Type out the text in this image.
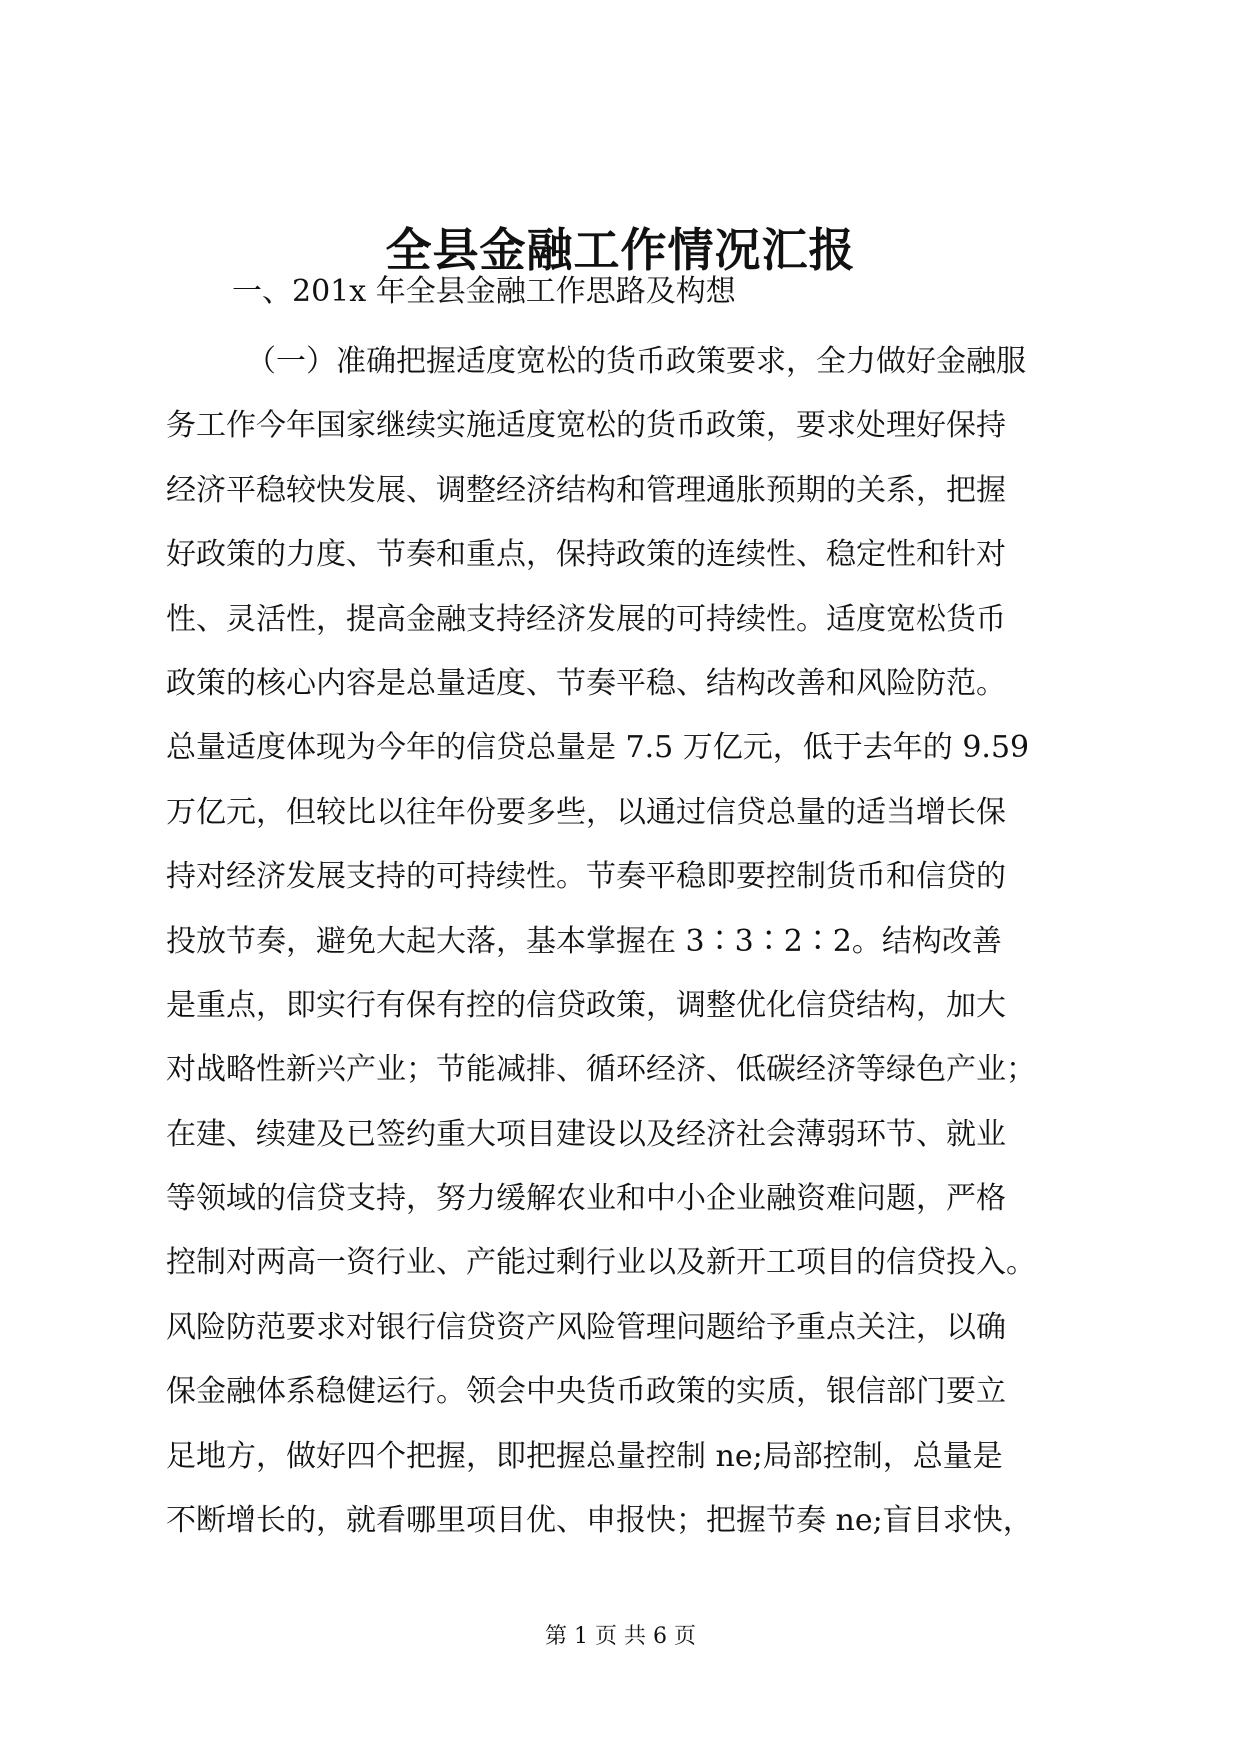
全县金融工作情况汇报

一、201x 年全县金融工作思路及构想

（一）准确把握适度宽松的货币政策要求，全力做好金融服
务工作今年国家继续实施适度宽松的货币政策，要求处理好保持
经济平稳较快发展、调整经济结构和管理通胀预期的关系，把握
好政策的力度、节奏和重点，保持政策的连续性、稳定性和针对
性、灵活性，提高金融支持经济发展的可持续性。适度宽松货币
政策的核心内容是总量适度、节奏平稳、结构改善和风险防范。
总量适度体现为今年的信贷总量是 7.5 万亿元，低于去年的 9.59
万亿元，但较比以往年份要多些，以通过信贷总量的适当增长保
持对经济发展支持的可持续性。节奏平稳即要控制货币和信贷的
投放节奏，避免大起大落，基本掌握在 3∶3∶2∶2。结构改善
是重点，即实行有保有控的信贷政策，调整优化信贷结构，加大
对战略性新兴产业；节能减排、循环经济、低碳经济等绿色产业；
在建、续建及已签约重大项目建设以及经济社会薄弱环节、就业
等领域的信贷支持，努力缓解农业和中小企业融资难问题，严格
控制对两高一资行业、产能过剩行业以及新开工项目的信贷投入。
风险防范要求对银行信贷资产风险管理问题给予重点关注，以确
保金融体系稳健运行。领会中央货币政策的实质，银信部门要立
足地方，做好四个把握，即把握总量控制 ne;局部控制，总量是
不断增长的，就看哪里项目优、申报快；把握节奏 ne;盲目求快，

第 1 页 共 6 页
